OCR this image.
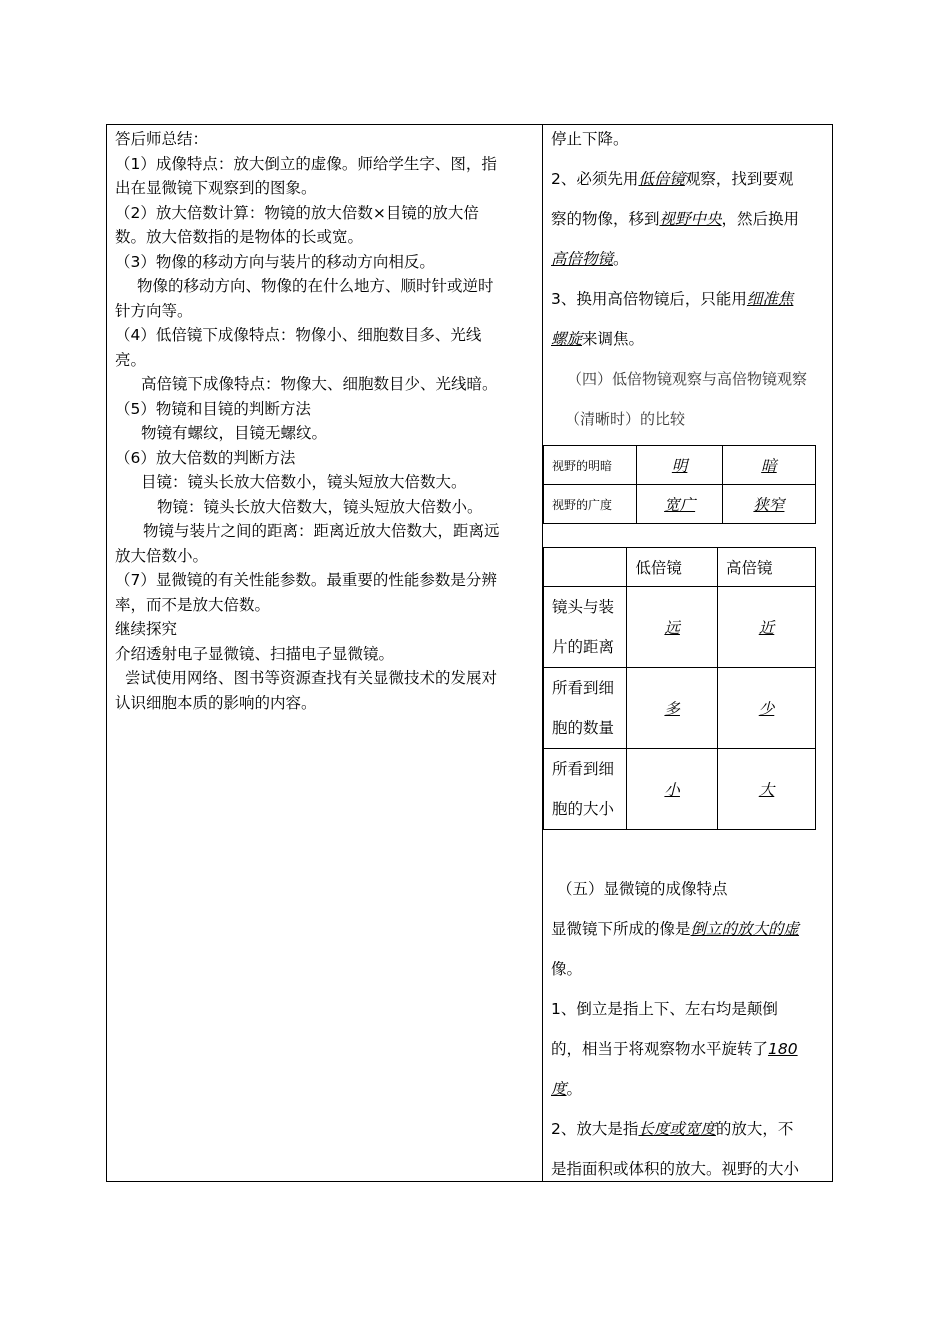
答后师总结：

（1）成像特点：放大倒立的虚像。师给学生字、图，指

出在显微镜下观察到的图象。

（2）放大倍数计算：物镜的放大倍数×目镜的放大倍

数。放大倍数指的是物体的长或宽。

（3）物像的移动方向与装片的移动方向相反。

物像的移动方向、物像的在什么地方、顺时针或逆时

针方向等。

（4）低倍镜下成像特点：物像小、细胞数目多、光线

亮。

高倍镜下成像特点：物像大、细胞数目少、光线暗。

（5）物镜和目镜的判断方法

物镜有螺纹，目镜无螺纹。

（6）放大倍数的判断方法

目镜：镜头长放大倍数小，镜头短放大倍数大。

物镜：镜头长放大倍数大，镜头短放大倍数小。

物镜与装片之间的距离：距离近放大倍数大，距离远

放大倍数小。

（7）显微镜的有关性能参数。最重要的性能参数是分辨

率，而不是放大倍数。

继续探究

介绍透射电子显微镜、扫描电子显微镜。

尝试使用网络、图书等资源查找有关显微技术的发展对

认识细胞本质的影响的内容。

停止下降。
2、必须先用低倍镜观察，找到要观
察的物像，移到视野中央，然后换用
高倍物镜。
3、换用高倍物镜后，只能用细准焦
螺旋来调焦。
（四）低倍物镜观察与高倍物镜观察
（清晰时）的比较
（五）显微镜的成像特点
显微镜下所成的像是倒立的放大的虚
像。
1、倒立是指上下、左右均是颠倒
的，相当于将观察物水平旋转了180
度。
2、放大是指长度或宽度的放大，不
是指面积或体积的放大。视野的大小
视野的明暗	明	暗
视野的广度	宽广	狭窄
	低倍镜	高倍镜

镜头与装
片的距离	远	近

所看到细
胞的数量	多	少

所看到细
胞的大小	小	大
